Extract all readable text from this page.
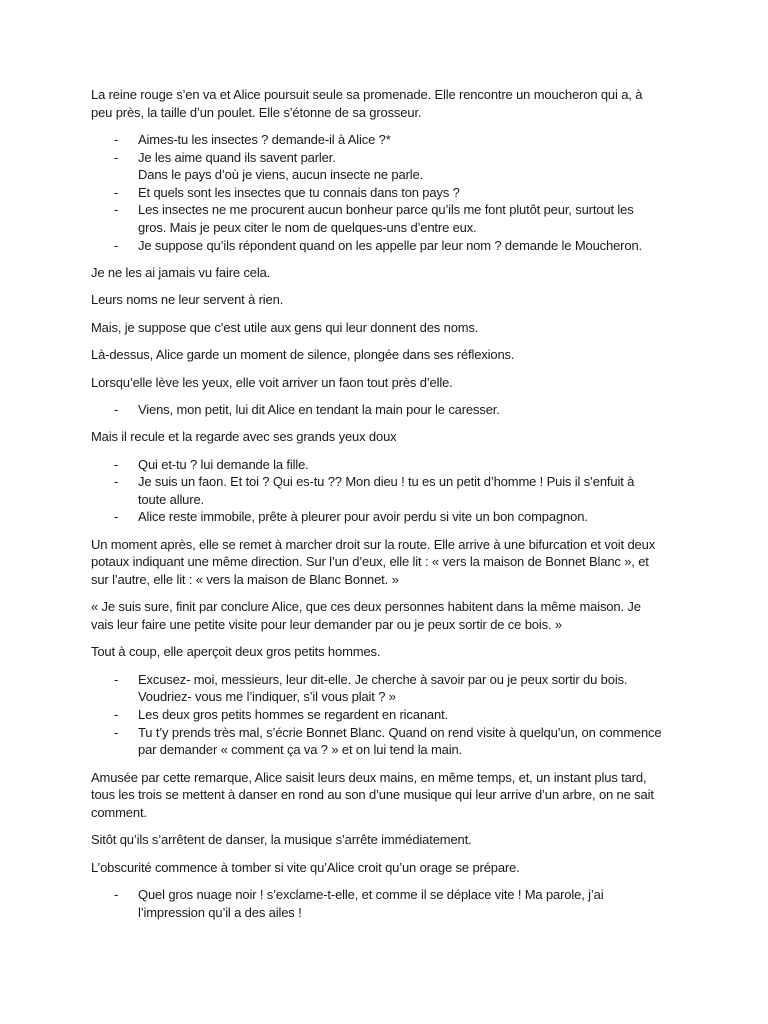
La reine rouge s’en va et Alice poursuit seule sa promenade. Elle rencontre un moucheron qui a, à peu près, la taille d’un poulet. Elle s’étonne de sa grosseur.

- Aimes-tu les insectes ? demande-il à Alice ?*
- Je les aime quand ils savent parler.
Dans le pays d’où je viens, aucun insecte ne parle.
- Et quels sont les insectes que tu connais dans ton pays ?
- Les insectes ne me procurent aucun bonheur parce qu’ils me font plutôt peur, surtout les gros. Mais je peux citer le nom de quelques-uns d’entre eux.
- Je suppose qu’ils répondent quand on les appelle par leur nom ? demande le Moucheron.

Je ne les ai jamais vu faire cela.

Leurs noms ne leur servent à rien.

Mais, je suppose que c’est utile aux gens qui leur donnent des noms.

Là-dessus, Alice garde un moment de silence, plongée dans ses réflexions.

Lorsqu’elle lève les yeux, elle voit arriver un faon tout près d’elle.

- Viens, mon petit, lui dit Alice en tendant la main pour le caresser.

Mais il recule et la regarde avec ses grands yeux doux

- Qui et-tu ? lui demande la fille.
- Je suis un faon. Et toi ? Qui es-tu ?? Mon dieu ! tu es un petit d’homme ! Puis il s’enfuit à toute allure.
- Alice reste immobile, prête à pleurer pour avoir perdu si vite un bon compagnon.

Un moment après, elle se remet à marcher droit sur la route. Elle arrive à une bifurcation et voit deux potaux indiquant une même direction. Sur l’un d’eux, elle lit : « vers la maison de Bonnet Blanc », et sur l’autre, elle lit : « vers la maison de Blanc Bonnet. »

« Je suis sure, finit par conclure Alice, que ces deux personnes habitent dans la même maison. Je vais leur faire une petite visite pour leur demander par ou je peux sortir de ce bois. »

Tout à coup, elle aperçoit deux gros petits hommes.

- Excusez- moi, messieurs, leur dit-elle. Je cherche à savoir par ou je peux sortir du bois. Voudriez- vous me l’indiquer, s’il vous plait ? »
- Les deux gros petits hommes se regardent en ricanant.
- Tu t’y prends très mal, s’écrie Bonnet Blanc. Quand on rend visite à quelqu’un, on commence par demander « comment ça va ? » et on lui tend la main.

Amusée par cette remarque, Alice saisit leurs deux mains, en même temps, et, un instant plus tard, tous les trois se mettent à danser en rond au son d’une musique qui leur arrive d’un arbre, on ne sait comment.

Sitôt qu’ils s’arrêtent de danser, la musique s’arrête immédiatement.

L’obscurité commence à tomber si vite qu’Alice croit qu’un orage se prépare.

- Quel gros nuage noir ! s’exclame-t-elle, et comme il se déplace vite ! Ma parole, j’ai l’impression qu’il a des ailes !
